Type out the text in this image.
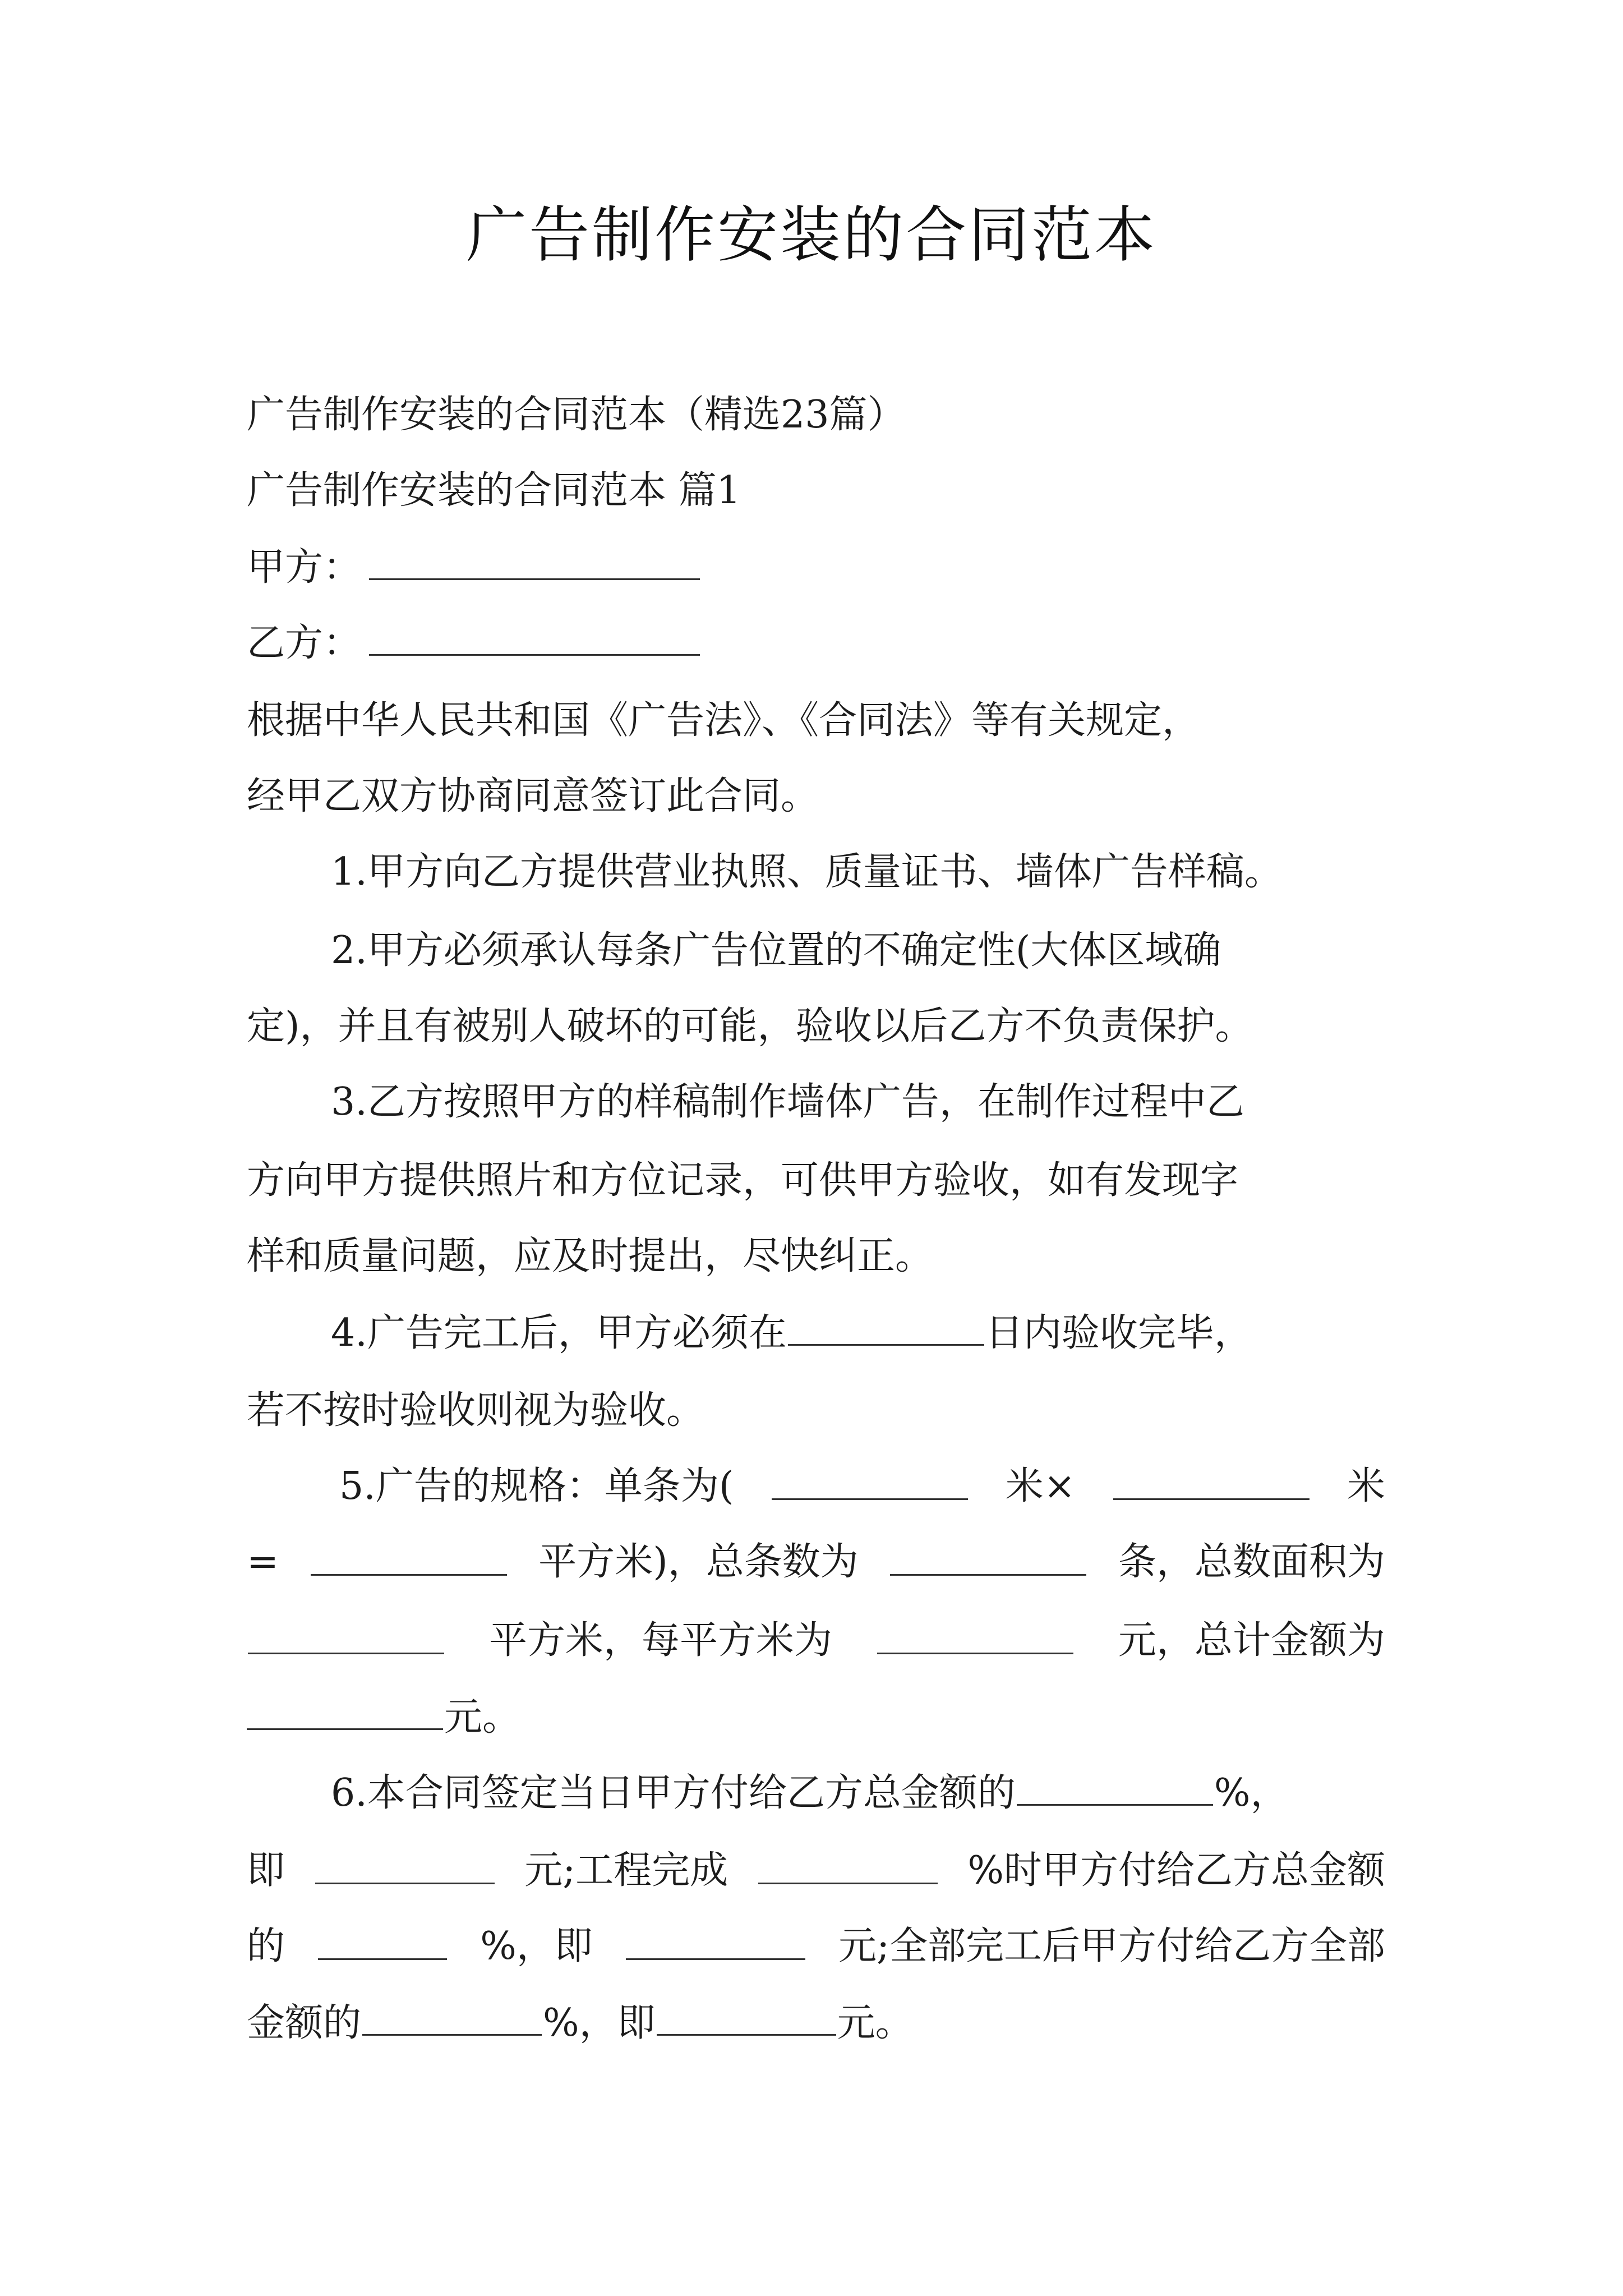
广告制作安装的合同范本

广告制作安装的合同范本（精选23篇）

广告制作安装的合同范本 篇1

甲方：

乙方：

根据中华人民共和国《广告法》、《合同法》等有关规定，

经甲乙双方协商同意签订此合同。

1.甲方向乙方提供营业执照、质量证书、墙体广告样稿。

2.甲方必须承认每条广告位置的不确定性(大体区域确

定)，并且有被别人破坏的可能，验收以后乙方不负责保护。

3.乙方按照甲方的样稿制作墙体广告，在制作过程中乙

方向甲方提供照片和方位记录，可供甲方验收，如有发现字

样和质量问题，应及时提出，尽快纠正。

4.广告完工后，甲方必须在	日内验收完毕，

若不按时验收则视为验收。

5.广告的规格：单条为(	米×	米
=	平方米)，总条数为	条，总数面积为
平方米，每平方米为	元，总计金额为

元。

6.本合同签定当日甲方付给乙方总金额的	%，

即	元;工程完成	%时甲方付给乙方总金额
的	%，即	元;全部完工后甲方付给乙方全部

金额的	%，即	元。
